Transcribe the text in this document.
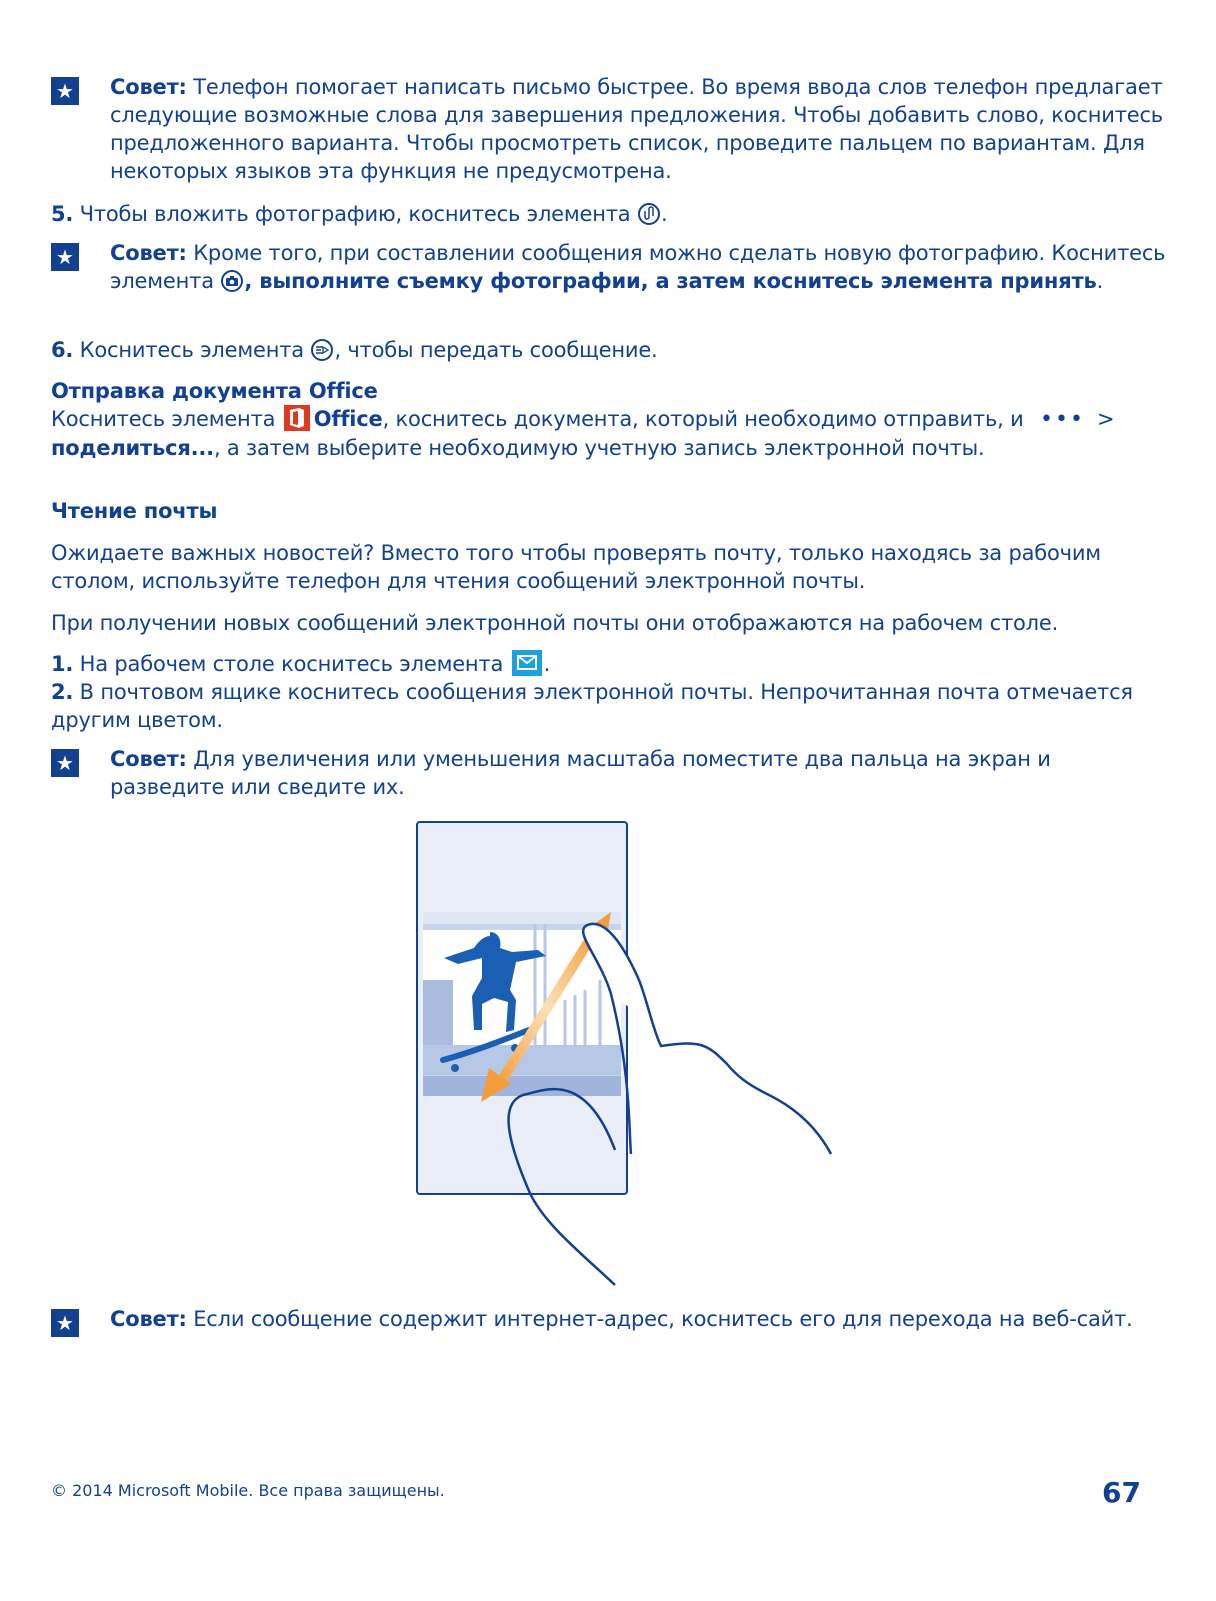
★ Совет: Телефон помогает написать письмо быстрее. Во время ввода слов телефон предлагает следующие возможные слова для завершения предложения. Чтобы добавить слово, коснитесь предложенного варианта. Чтобы просмотреть список, проведите пальцем по вариантам. Для некоторых языков эта функция не предусмотрена.
5. Чтобы вложить фотографию, коснитесь элемента
.
★ Совет: Кроме того, при составлении сообщения можно сделать новую фотографию. Коснитесь элемента
, выполните съемку фотографии, а затем коснитесь элемента принять.
6. Коснитесь элемента
, чтобы передать сообщение.
Отправка документа Office
Коснитесь элемента Office, коснитесь документа, который необходимо отправить, и ••• >
поделиться..., а затем выберите необходимую учетную запись электронной почты.
Чтение почты
Ожидаете важных новостей? Вместо того чтобы проверять почту, только находясь за рабочим столом, используйте телефон для чтения сообщений электронной почты.
При получении новых сообщений электронной почты они отображаются на рабочем столе.
1. На рабочем столе коснитесь элемента .
2. В почтовом ящике коснитесь сообщения электронной почты. Непрочитанная почта отмечается другим цветом.
★ Совет: Для увеличения или уменьшения масштаба поместите два пальца на экран и разведите или сведите их.
★ Совет: Если сообщение содержит интернет-адрес, коснитесь его для перехода на веб-сайт.
© 2014 Microsoft Mobile. Все права защищены.	67
